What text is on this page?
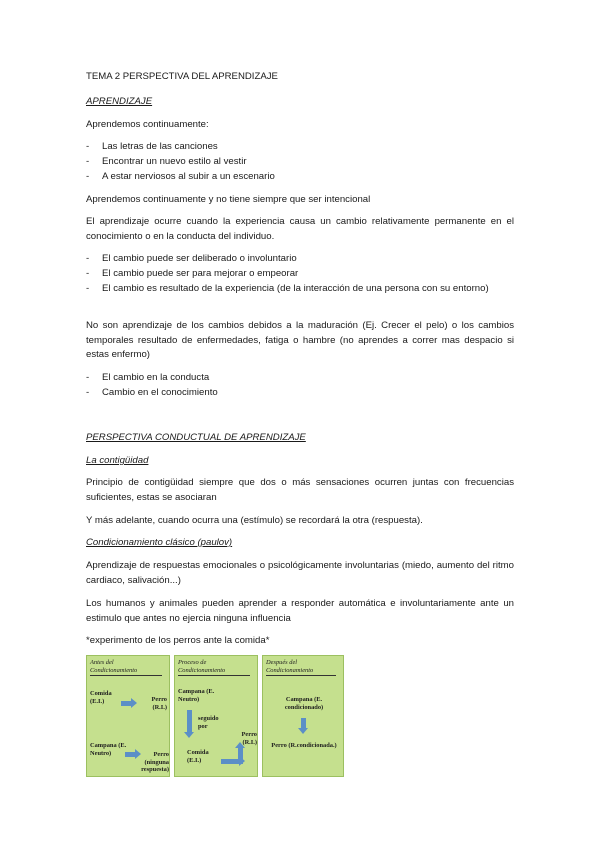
TEMA 2 PERSPECTIVA DEL APRENDIZAJE
APRENDIZAJE
Aprendemos continuamente:
- Las letras de las canciones
- Encontrar un nuevo estilo al vestir
- A estar nerviosos al subir a un escenario
Aprendemos continuamente y no tiene siempre que ser intencional
El aprendizaje ocurre cuando la experiencia causa un cambio relativamente permanente en el conocimiento o en la conducta del individuo.
- El cambio puede ser deliberado o involuntario
- El cambio puede ser para mejorar o empeorar
- El cambio es resultado de la experiencia (de la interacción de una persona con su entorno)
No son aprendizaje de los cambios debidos a la maduración (Ej. Crecer el pelo) o los cambios temporales resultado de enfermedades, fatiga o hambre (no aprendes a correr mas despacio si estas enfermo)
- El cambio en la conducta
- Cambio en el conocimiento
PERSPECTIVA CONDUCTUAL DE APRENDIZAJE
La contigüidad
Principio de contigüidad siempre que dos o más sensaciones ocurren juntas con frecuencias suficientes, estas se asociaran
Y más adelante, cuando ocurra una (estímulo) se recordará la otra (respuesta).
Condicionamiento clásico (paulov)
Aprendizaje de respuestas emocionales o psicológicamente involuntarias (miedo, aumento del ritmo cardiaco, salivación...)
Los humanos y animales pueden aprender a responder automática e involuntariamente ante un estimulo que antes no ejercia ninguna influencia
*experimento de los perros ante la comida*
Antes del Condicionamiento
Comida (E.I.)	Perro (R.I.)
Campana (E. Neutro)	Perro (ninguna respuesta)
Proceso de Condicionamiento
Campana (E. Neutro)
seguido por
Comida (E.I.)
Perro (R.I.)
Después del Condicionamiento
Campana (E. condicionado)
Perro (R.condicionada.)
